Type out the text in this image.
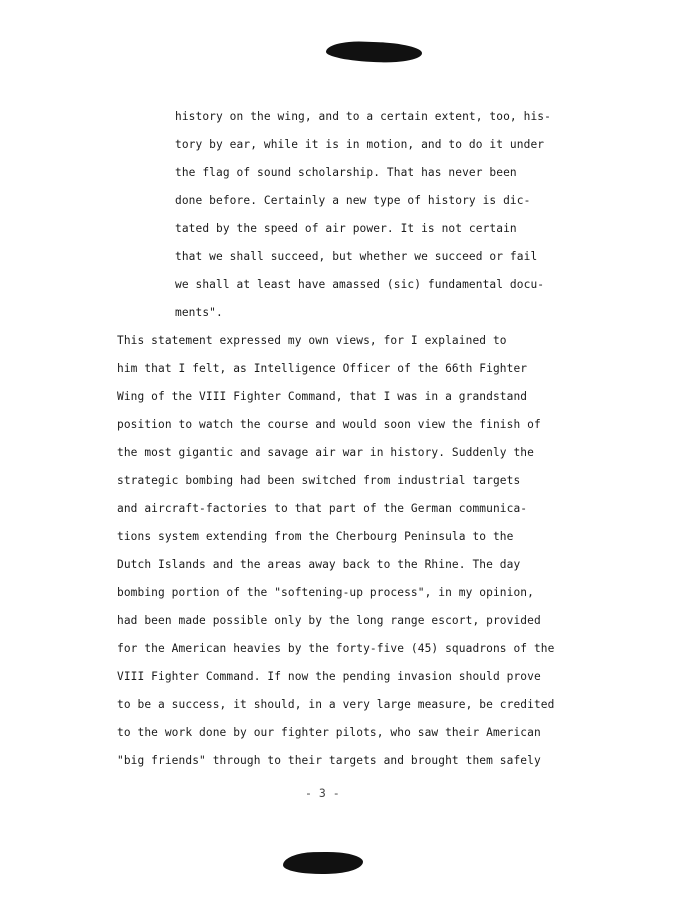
history on the wing, and to a certain extent, too, his-
tory by ear, while it is in motion, and to do it under
the flag of sound scholarship. That has never been
done before. Certainly a new type of history is dic-
tated by the speed of air power. It is not certain
that we shall succeed, but whether we succeed or fail
we shall at least have amassed (sic) fundamental docu-
ments".
This statement expressed my own views, for I explained to
him that I felt, as Intelligence Officer of the 66th Fighter
Wing of the VIII Fighter Command, that I was in a grandstand
position to watch the course and would soon view the finish of
the most gigantic and savage air war in history. Suddenly the
strategic bombing had been switched from industrial targets
and aircraft-factories to that part of the German communica-
tions system extending from the Cherbourg Peninsula to the
Dutch Islands and the areas away back to the Rhine. The day
bombing portion of the "softening-up process", in my opinion,
had been made possible only by the long range escort, provided
for the American heavies by the forty-five (45) squadrons of the
VIII Fighter Command. If now the pending invasion should prove
to be a success, it should, in a very large measure, be credited
to the work done by our fighter pilots, who saw their American
"big friends" through to their targets and brought them safely
- 3 -
